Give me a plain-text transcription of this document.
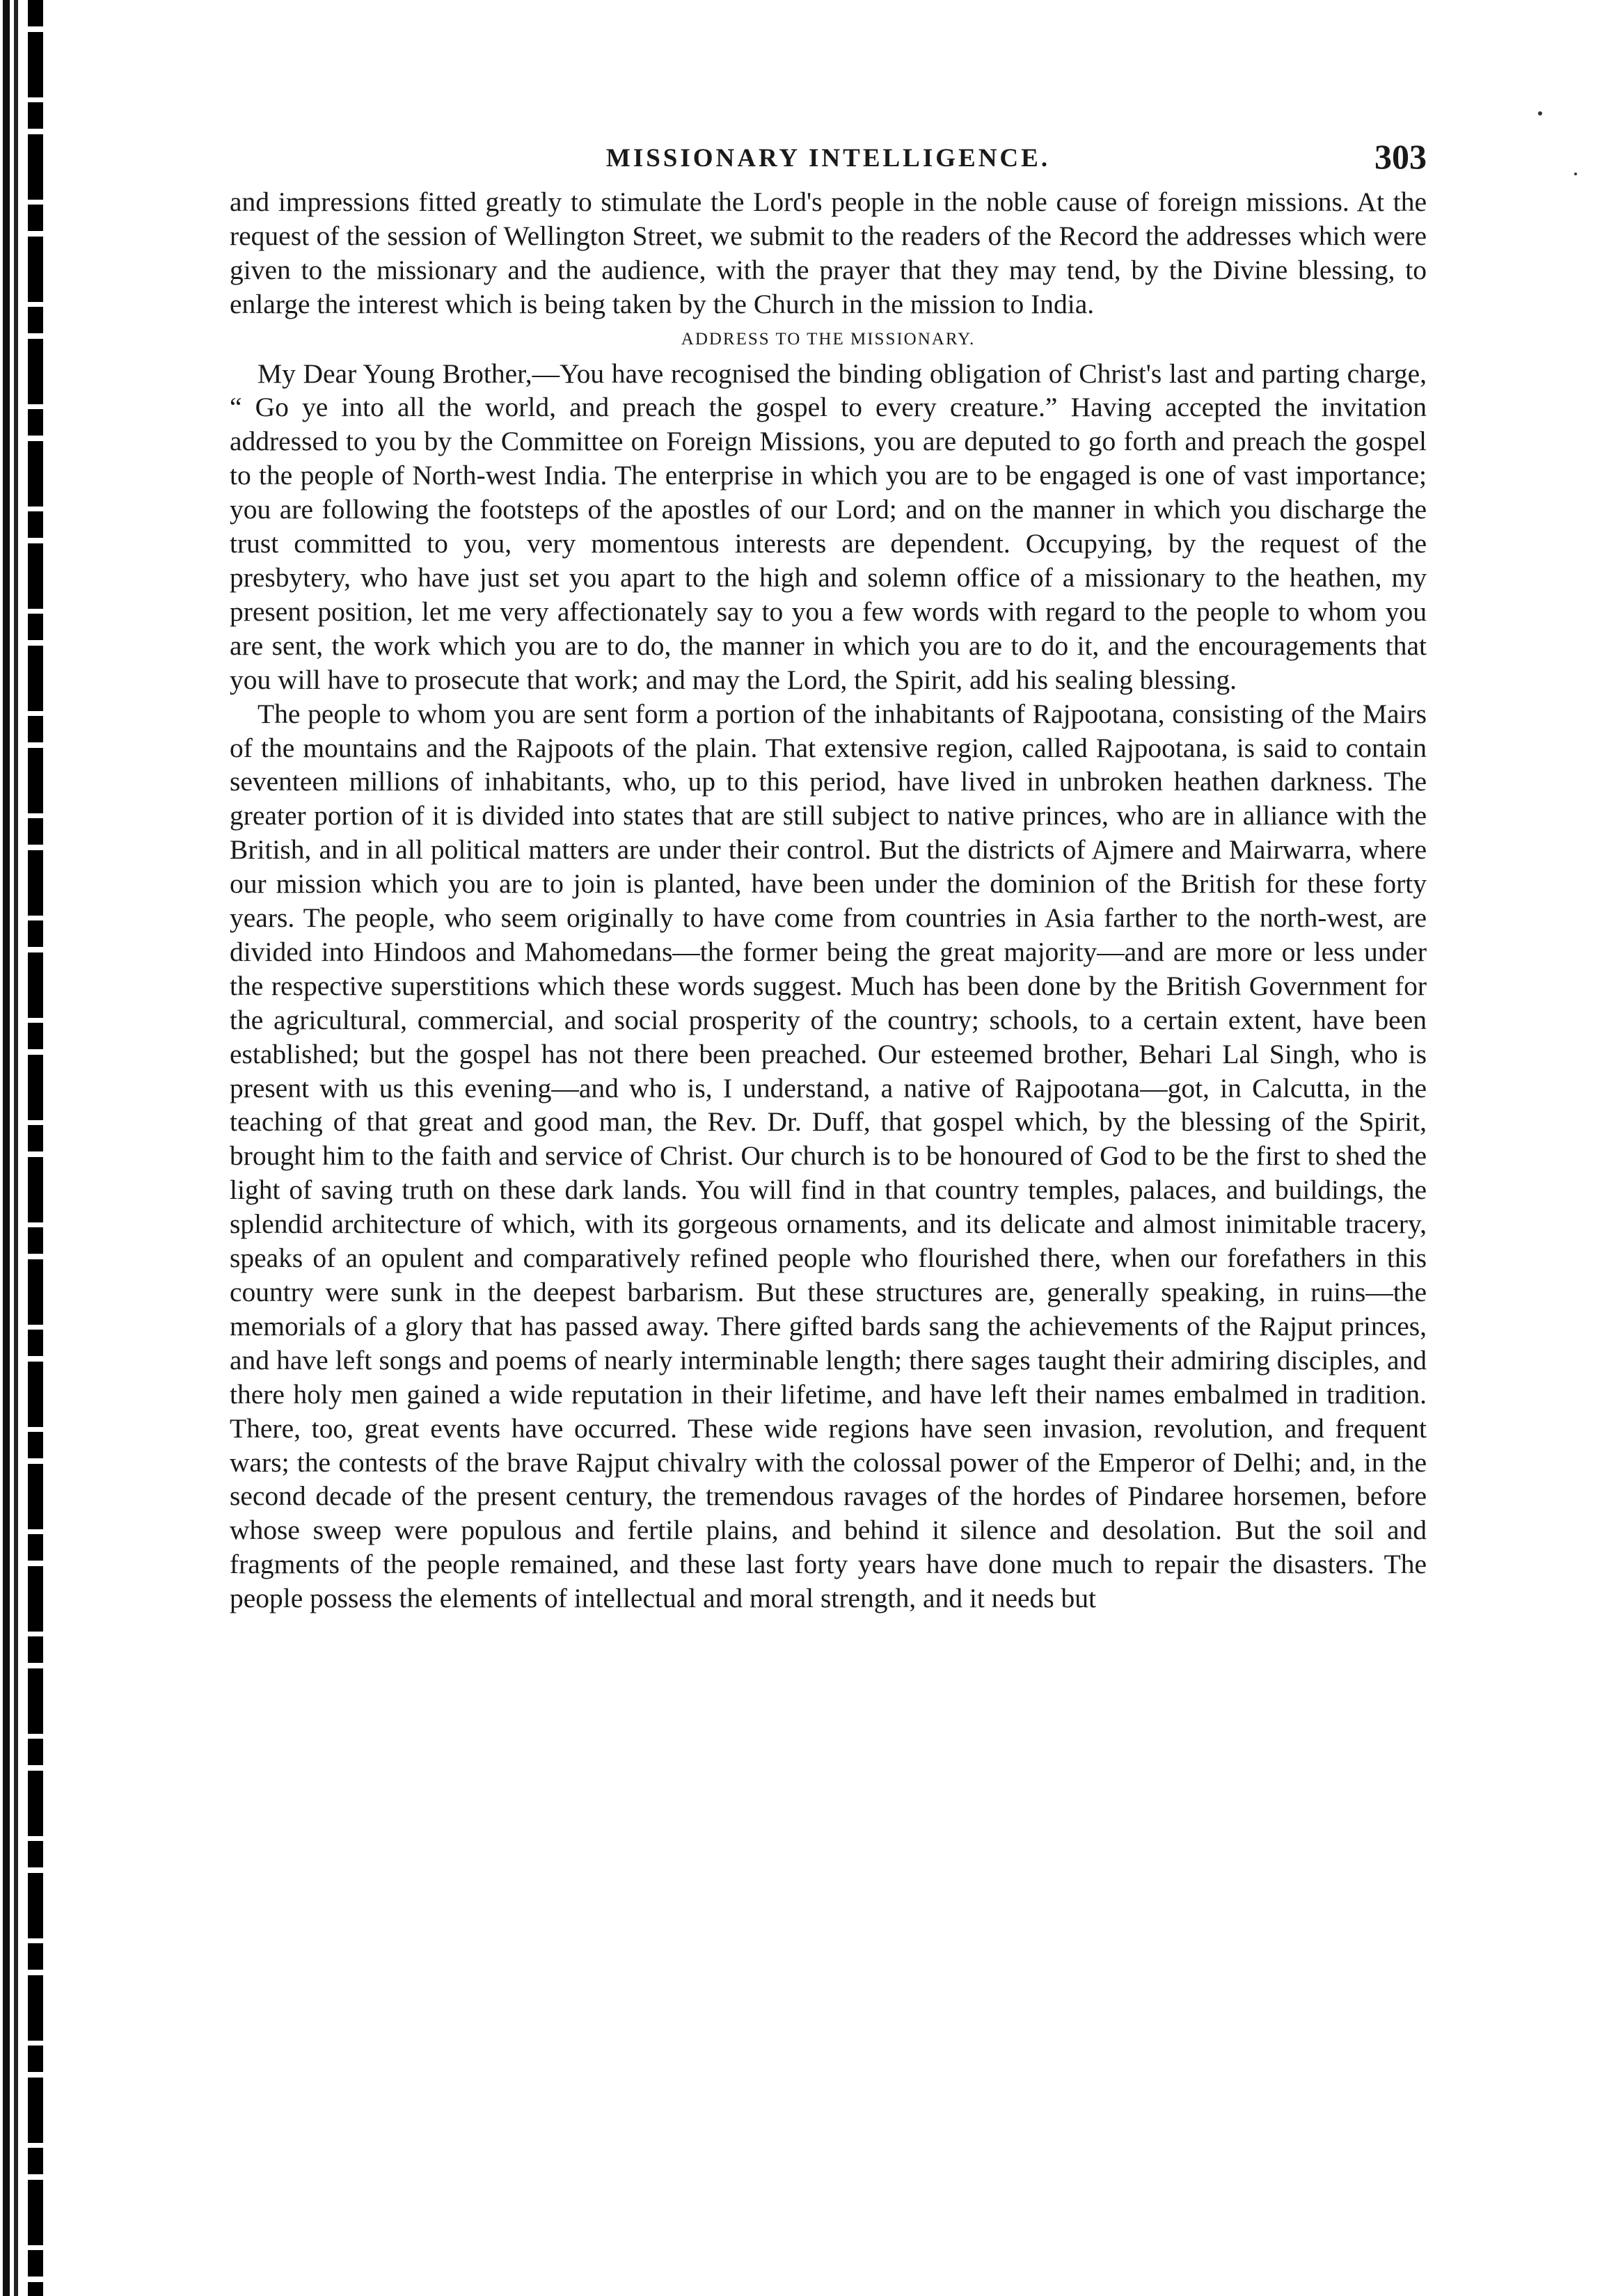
MISSIONARY INTELLIGENCE.	303

and impressions fitted greatly to stimulate the Lord's people in the noble cause of foreign missions. At the request of the session of Wellington Street, we submit to the readers of the Record the addresses which were given to the missionary and the audience, with the prayer that they may tend, by the Divine blessing, to enlarge the interest which is being taken by the Church in the mission to India.

ADDRESS TO THE MISSIONARY.

My Dear Young Brother,—You have recognised the binding obligation of Christ's last and parting charge, “ Go ye into all the world, and preach the gospel to every creature.” Having accepted the invitation addressed to you by the Committee on Foreign Missions, you are deputed to go forth and preach the gospel to the people of North-west India. The enterprise in which you are to be engaged is one of vast importance; you are following the footsteps of the apostles of our Lord; and on the manner in which you discharge the trust committed to you, very momentous interests are dependent. Occupying, by the request of the presbytery, who have just set you apart to the high and solemn office of a missionary to the heathen, my present position, let me very affectionately say to you a few words with regard to the people to whom you are sent, the work which you are to do, the manner in which you are to do it, and the encouragements that you will have to prosecute that work; and may the Lord, the Spirit, add his sealing blessing.

The people to whom you are sent form a portion of the inhabitants of Rajpootana, consisting of the Mairs of the mountains and the Rajpoots of the plain. That extensive region, called Rajpootana, is said to contain seventeen millions of inhabitants, who, up to this period, have lived in unbroken heathen darkness. The greater portion of it is divided into states that are still subject to native princes, who are in alliance with the British, and in all political matters are under their control. But the districts of Ajmere and Mairwarra, where our mission which you are to join is planted, have been under the dominion of the British for these forty years. The people, who seem originally to have come from countries in Asia farther to the north-west, are divided into Hindoos and Mahomedans—the former being the great majority—and are more or less under the respective superstitions which these words suggest. Much has been done by the British Government for the agricultural, commercial, and social prosperity of the country; schools, to a certain extent, have been established; but the gospel has not there been preached. Our esteemed brother, Behari Lal Singh, who is present with us this evening—and who is, I understand, a native of Rajpootana—got, in Calcutta, in the teaching of that great and good man, the Rev. Dr. Duff, that gospel which, by the blessing of the Spirit, brought him to the faith and service of Christ. Our church is to be honoured of God to be the first to shed the light of saving truth on these dark lands. You will find in that country temples, palaces, and buildings, the splendid architecture of which, with its gorgeous ornaments, and its delicate and almost inimitable tracery, speaks of an opulent and comparatively refined people who flourished there, when our forefathers in this country were sunk in the deepest barbarism. But these structures are, generally speaking, in ruins—the memorials of a glory that has passed away. There gifted bards sang the achievements of the Rajput princes, and have left songs and poems of nearly interminable length; there sages taught their admiring disciples, and there holy men gained a wide reputation in their lifetime, and have left their names embalmed in tradition. There, too, great events have occurred. These wide regions have seen invasion, revolution, and frequent wars; the contests of the brave Rajput chivalry with the colossal power of the Emperor of Delhi; and, in the second decade of the present century, the tremendous ravages of the hordes of Pindaree horsemen, before whose sweep were populous and fertile plains, and behind it silence and desolation. But the soil and fragments of the people remained, and these last forty years have done much to repair the disasters. The people possess the elements of intellectual and moral strength, and it needs but
